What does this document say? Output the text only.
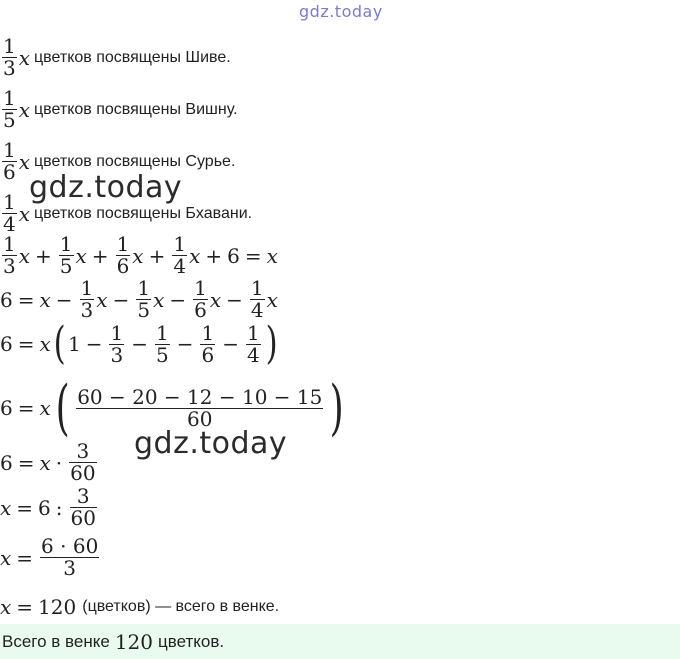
gdz.today
$\frac{1}{3}$ x цветков посвящены Шиве.
$\frac{1}{5}$ x цветков посвящены Вишну.
$\frac{1}{6}$ x цветков посвящены Сурье.
gdz.today
$\frac{1}{4}$ x цветков посвящены Бхавани.
$\frac{1}{3}$ $x + \frac{1}{5}$ $x + \frac{1}{6}$ $x + \frac{1}{4}$ x + 6 = x
$6 = x - \frac{1}{3}$ $x - \frac{1}{5}$ $x - \frac{1}{6}$ $x - \frac{1}{4}$ x
6 = x ( $1 - \frac{1}{3} - \frac{1}{5} - \frac{1}{6} - \frac{1}{4}$ )
6 = x ( $\frac{60 - 20 - 12 - 10 - 15}{60}$ )
gdz.today
$6 = x \cdot \frac{3}{60}$
x = 6 : $\frac{3}{60}$
$x = \frac{6 \cdot 60}{3}$
x = 120 (цветков) — всего в венке.
Всего в венке 120 цветков.
